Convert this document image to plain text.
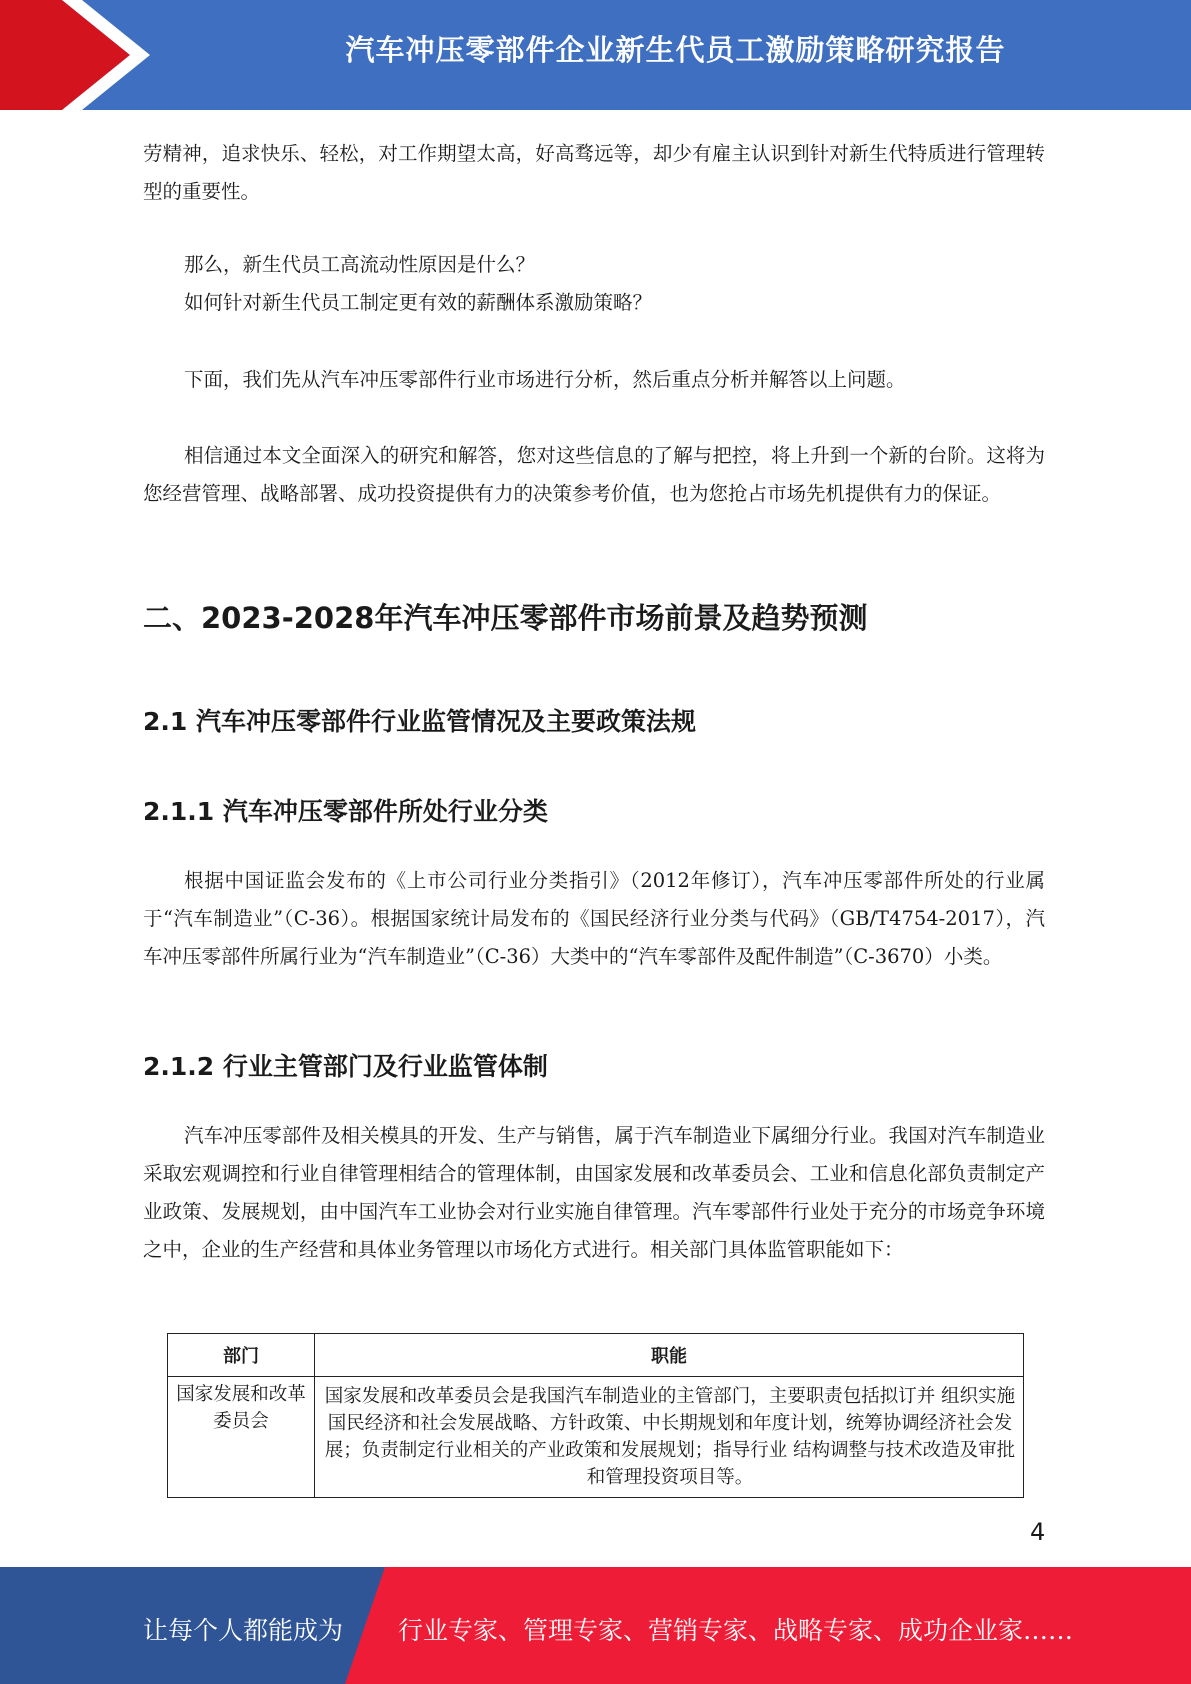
汽车冲压零部件企业新生代员工激励策略研究报告

劳精神，追求快乐、轻松，对工作期望太高，好高骛远等，却少有雇主认识到针对新生代特质进行管理转型的重要性。

那么，新生代员工高流动性原因是什么？

如何针对新生代员工制定更有效的薪酬体系激励策略？

下面，我们先从汽车冲压零部件行业市场进行分析，然后重点分析并解答以上问题。

相信通过本文全面深入的研究和解答，您对这些信息的了解与把控，将上升到一个新的台阶。这将为您经营管理、战略部署、成功投资提供有力的决策参考价值，也为您抢占市场先机提供有力的保证。

二、2023-2028年汽车冲压零部件市场前景及趋势预测
2.1 汽车冲压零部件行业监管情况及主要政策法规
2.1.1 汽车冲压零部件所处行业分类

根据中国证监会发布的《上市公司行业分类指引》（2012年修订），汽车冲压零部件所处的行业属于“汽车制造业”（C-36）。根据国家统计局发布的《国民经济行业分类与代码》（GB/T4754-2017），汽车冲压零部件所属行业为“汽车制造业”（C-36）大类中的“汽车零部件及配件制造”（C-3670）小类。

2.1.2 行业主管部门及行业监管体制

汽车冲压零部件及相关模具的开发、生产与销售，属于汽车制造业下属细分行业。我国对汽车制造业采取宏观调控和行业自律管理相结合的管理体制，由国家发展和改革委员会、工业和信息化部负责制定产业政策、发展规划，由中国汽车工业协会对行业实施自律管理。汽车零部件行业处于充分的市场竞争环境之中，企业的生产经营和具体业务管理以市场化方式进行。相关部门具体监管职能如下：

部门	职能
国家发展和改革委员会	国家发展和改革委员会是我国汽车制造业的主管部门，主要职责包括拟订并 组织实施国民经济和社会发展战略、方针政策、中长期规划和年度计划，统筹协调经济社会发展；负责制定行业相关的产业政策和发展规划；指导行业 结构调整与技术改造及审批和管理投资项目等。
4
让每个人都能成为 行业专家、管理专家、营销专家、战略专家、成功企业家……
